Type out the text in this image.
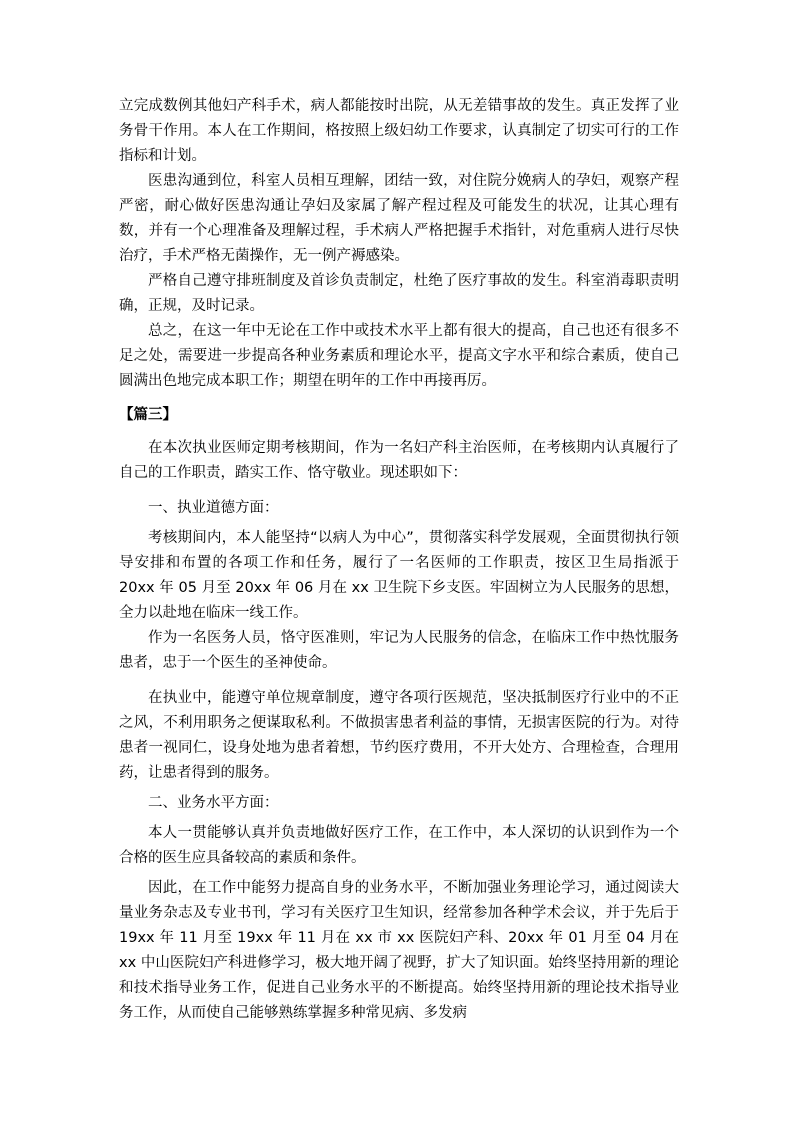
立完成数例其他妇产科手术，病人都能按时出院，从无差错事故的发生。真正发挥了业务骨干作用。本人在工作期间，格按照上级妇幼工作要求，认真制定了切实可行的工作指标和计划。

医患沟通到位，科室人员相互理解，团结一致，对住院分娩病人的孕妇，观察产程严密，耐心做好医患沟通让孕妇及家属了解产程过程及可能发生的状况，让其心理有数，并有一个心理准备及理解过程，手术病人严格把握手术指针，对危重病人进行尽快治疗，手术严格无菌操作，无一例产褥感染。

严格自己遵守排班制度及首诊负责制定，杜绝了医疗事故的发生。科室消毒职责明确，正规，及时记录。

总之，在这一年中无论在工作中或技术水平上都有很大的提高，自己也还有很多不足之处，需要进一步提高各种业务素质和理论水平，提高文字水平和综合素质，使自己圆满出色地完成本职工作；期望在明年的工作中再接再厉。

【篇三】

在本次执业医师定期考核期间，作为一名妇产科主治医师，在考核期内认真履行了自己的工作职责，踏实工作、恪守敬业。现述职如下：

一、执业道德方面：

考核期间内，本人能坚持“以病人为中心”，贯彻落实科学发展观，全面贯彻执行领导安排和布置的各项工作和任务，履行了一名医师的工作职责，按区卫生局指派于 20xx 年 05 月至 20xx 年 06 月在 xx 卫生院下乡支医。牢固树立为人民服务的思想，全力以赴地在临床一线工作。

作为一名医务人员，恪守医准则，牢记为人民服务的信念，在临床工作中热忱服务患者，忠于一个医生的圣神使命。

在执业中，能遵守单位规章制度，遵守各项行医规范，坚决抵制医疗行业中的不正之风，不利用职务之便谋取私利。不做损害患者利益的事情，无损害医院的行为。对待患者一视同仁，设身处地为患者着想，节约医疗费用，不开大处方、合理检查，合理用药，让患者得到的服务。

二、业务水平方面：

本人一贯能够认真并负责地做好医疗工作，在工作中，本人深切的认识到作为一个合格的医生应具备较高的素质和条件。

因此，在工作中能努力提高自身的业务水平，不断加强业务理论学习，通过阅读大量业务杂志及专业书刊，学习有关医疗卫生知识，经常参加各种学术会议，并于先后于 19xx 年 11 月至 19xx 年 11 月在 xx 市 xx 医院妇产科、20xx 年 01 月至 04 月在 xx 中山医院妇产科进修学习，极大地开阔了视野，扩大了知识面。始终坚持用新的理论和技术指导业务工作，促进自己业务水平的不断提高。始终坚持用新的理论技术指导业务工作，从而使自己能够熟练掌握多种常见病、多发病
